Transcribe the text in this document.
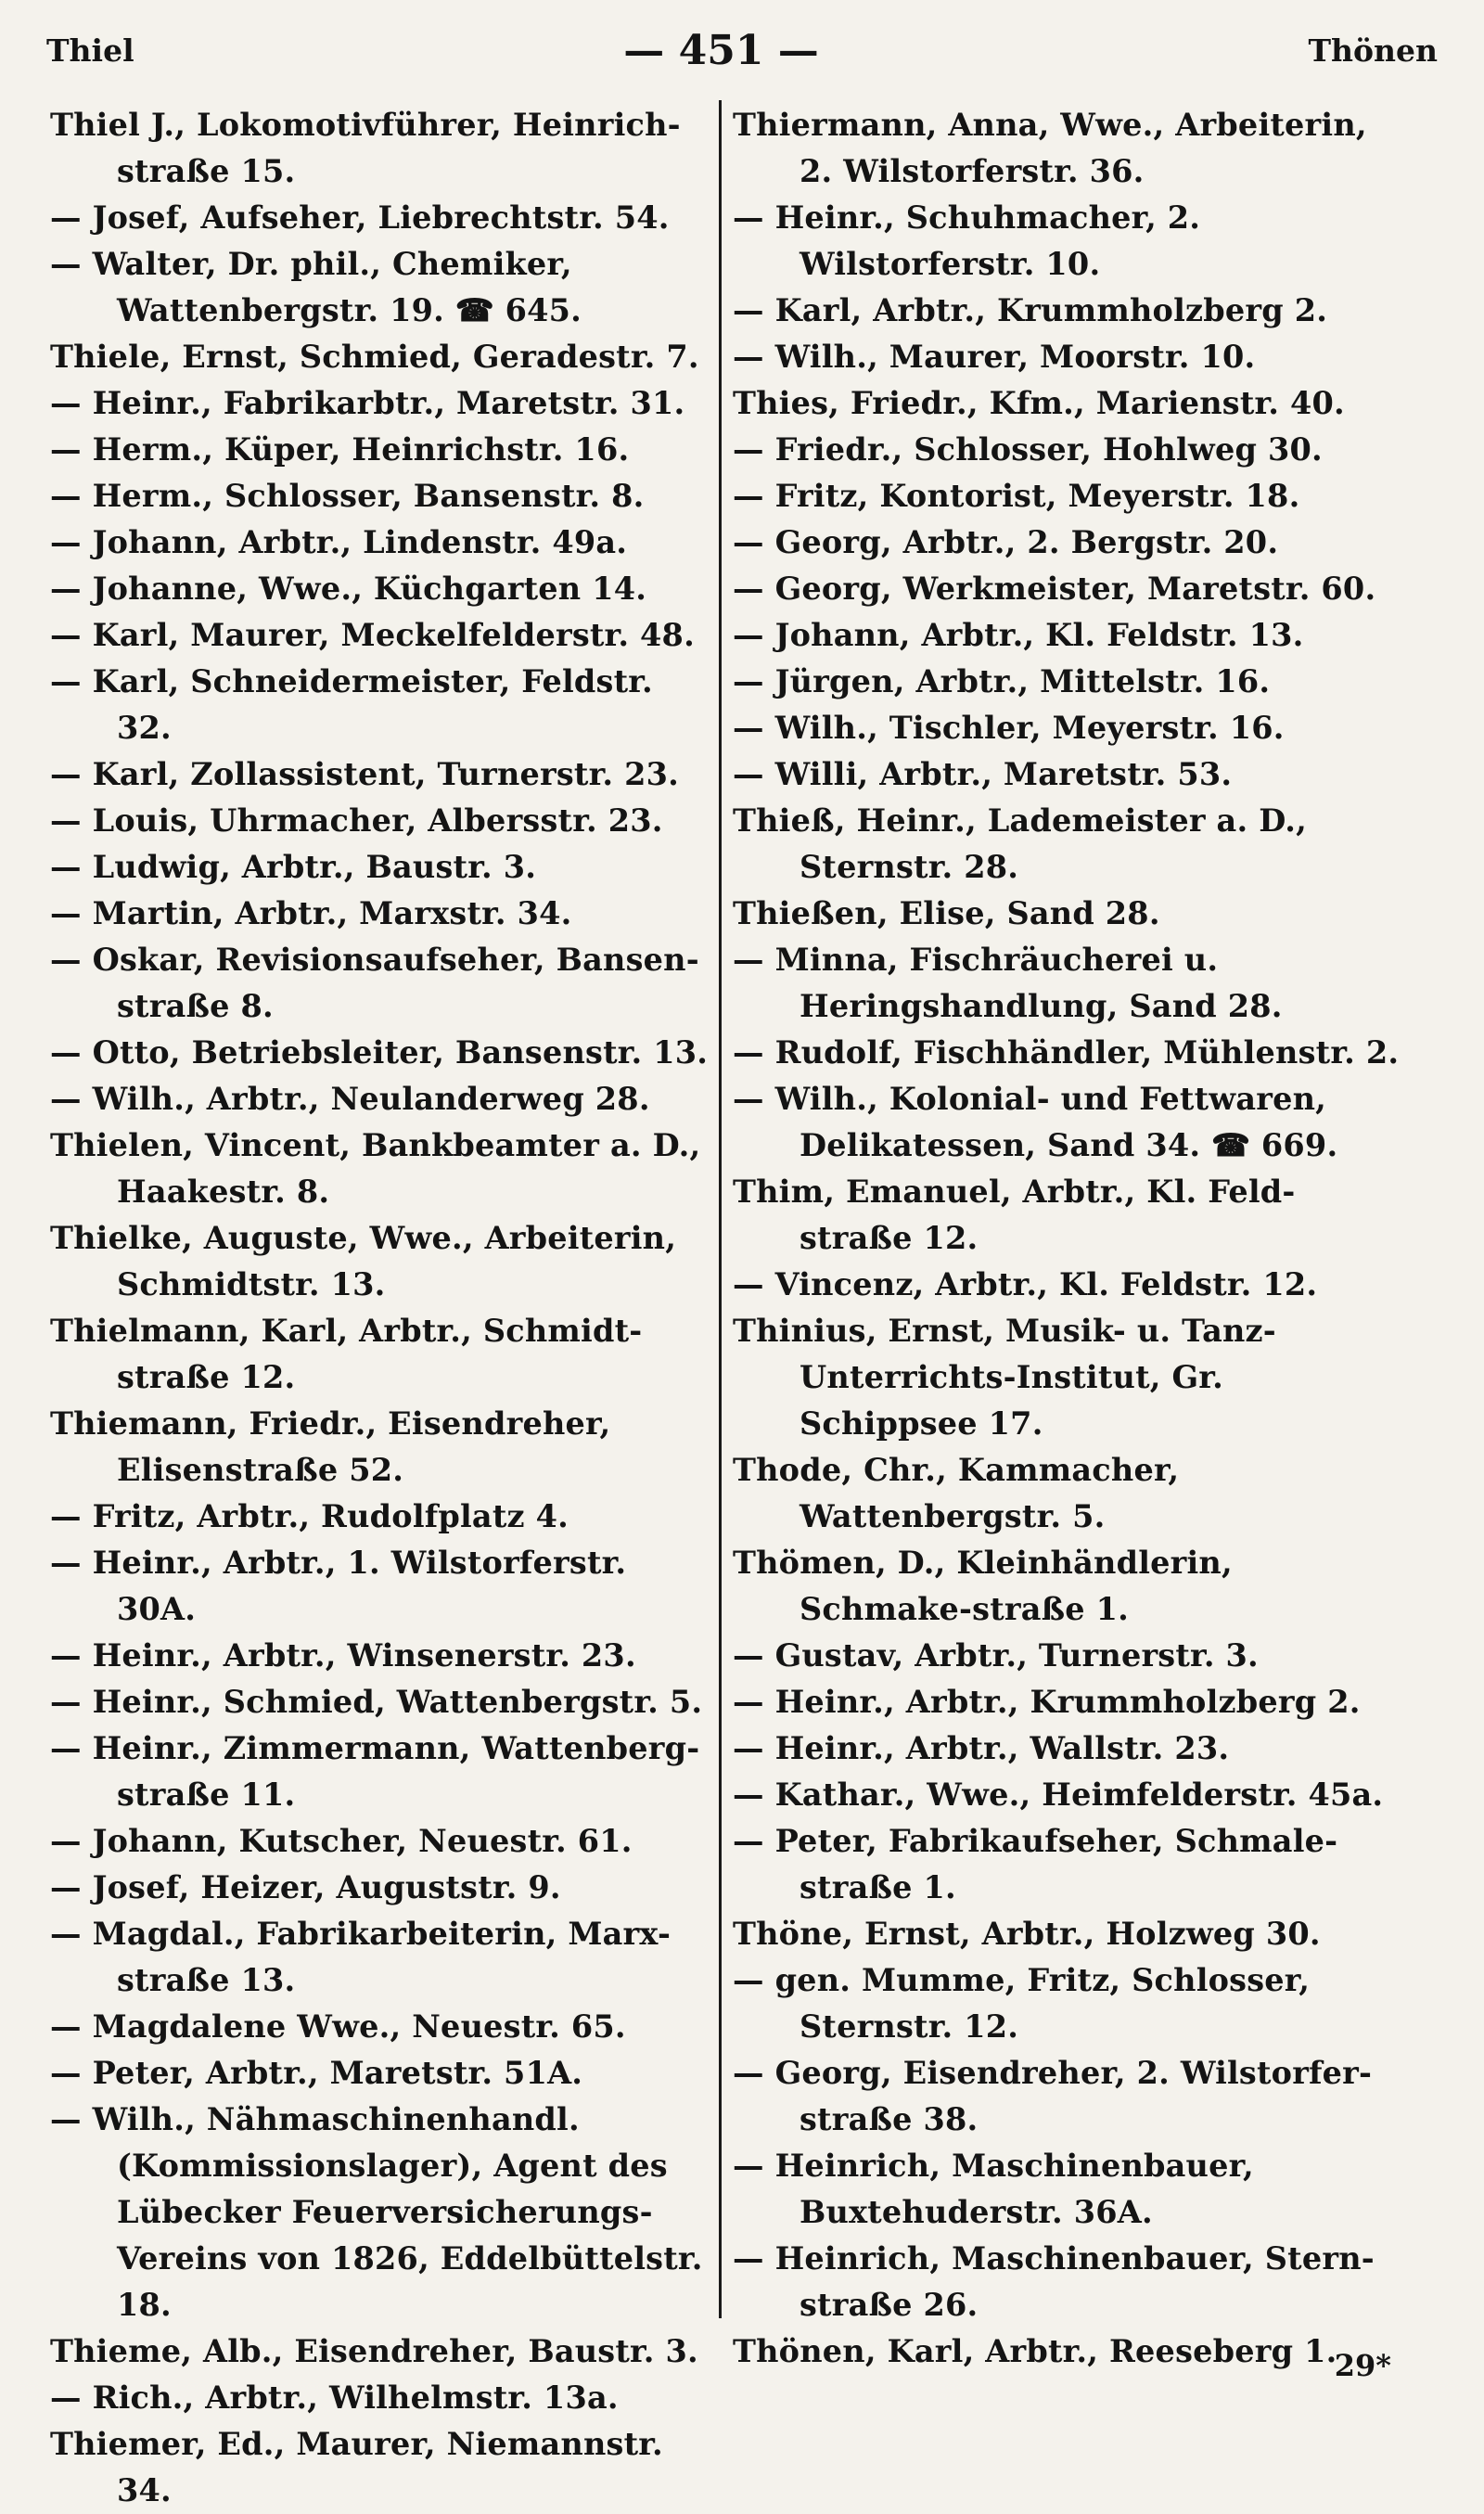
Thiel	— 451 —	Thönen

Thiel J., Lokomotivführer, Heinrich-straße 15.

— Josef, Aufseher, Liebrechtstr. 54.

— Walter, Dr. phil., Chemiker, Wattenbergstr. 19. ☎ 645.

Thiele, Ernst, Schmied, Geradestr. 7.

— Heinr., Fabrikarbtr., Maretstr. 31.

— Herm., Küper, Heinrichstr. 16.

— Herm., Schlosser, Bansenstr. 8.

— Johann, Arbtr., Lindenstr. 49a.

— Johanne, Wwe., Küchgarten 14.

— Karl, Maurer, Meckelfelderstr. 48.

— Karl, Schneidermeister, Feldstr. 32.

— Karl, Zollassistent, Turnerstr. 23.

— Louis, Uhrmacher, Albersstr. 23.

— Ludwig, Arbtr., Baustr. 3.

— Martin, Arbtr., Marxstr. 34.

— Oskar, Revisionsaufseher, Bansen-straße 8.

— Otto, Betriebsleiter, Bansenstr. 13.

— Wilh., Arbtr., Neulanderweg 28.

Thielen, Vincent, Bankbeamter a. D., Haakestr. 8.

Thielke, Auguste, Wwe., Arbeiterin, Schmidtstr. 13.

Thielmann, Karl, Arbtr., Schmidt-straße 12.

Thiemann, Friedr., Eisendreher, Elisenstraße 52.

— Fritz, Arbtr., Rudolfplatz 4.

— Heinr., Arbtr., 1. Wilstorferstr. 30A.

— Heinr., Arbtr., Winsenerstr. 23.

— Heinr., Schmied, Wattenbergstr. 5.

— Heinr., Zimmermann, Wattenberg-straße 11.

— Johann, Kutscher, Neuestr. 61.

— Josef, Heizer, Auguststr. 9.

— Magdal., Fabrikarbeiterin, Marx-straße 13.

— Magdalene Wwe., Neuestr. 65.

— Peter, Arbtr., Maretstr. 51A.

— Wilh., Nähmaschinenhandl. (Kommissionslager), Agent des Lübecker Feuerversicherungs-Vereins von 1826, Eddelbüttelstr. 18.

Thieme, Alb., Eisendreher, Baustr. 3.

— Rich., Arbtr., Wilhelmstr. 13a.

Thiemer, Ed., Maurer, Niemannstr. 34.

Thiermann, Anna, Wwe., Arbeiterin, 2. Wilstorferstr. 36.

— Heinr., Schuhmacher, 2. Wilstorferstr. 10.

— Karl, Arbtr., Krummholzberg 2.

— Wilh., Maurer, Moorstr. 10.

Thies, Friedr., Kfm., Marienstr. 40.

— Friedr., Schlosser, Hohlweg 30.

— Fritz, Kontorist, Meyerstr. 18.

— Georg, Arbtr., 2. Bergstr. 20.

— Georg, Werkmeister, Maretstr. 60.

— Johann, Arbtr., Kl. Feldstr. 13.

— Jürgen, Arbtr., Mittelstr. 16.

— Wilh., Tischler, Meyerstr. 16.

— Willi, Arbtr., Maretstr. 53.

Thieß, Heinr., Lademeister a. D., Sternstr. 28.

Thießen, Elise, Sand 28.

— Minna, Fischräucherei u. Heringshandlung, Sand 28.

— Rudolf, Fischhändler, Mühlenstr. 2.

— Wilh., Kolonial- und Fettwaren, Delikatessen, Sand 34. ☎ 669.

Thim, Emanuel, Arbtr., Kl. Feld-straße 12.

— Vincenz, Arbtr., Kl. Feldstr. 12.

Thinius, Ernst, Musik- u. Tanz-Unterrichts-Institut, Gr. Schippsee 17.

Thode, Chr., Kammacher, Wattenbergstr. 5.

Thömen, D., Kleinhändlerin, Schmake-straße 1.

— Gustav, Arbtr., Turnerstr. 3.

— Heinr., Arbtr., Krummholzberg 2.

— Heinr., Arbtr., Wallstr. 23.

— Kathar., Wwe., Heimfelderstr. 45a.

— Peter, Fabrikaufseher, Schmale-straße 1.

Thöne, Ernst, Arbtr., Holzweg 30.

— gen. Mumme, Fritz, Schlosser, Sternstr. 12.

— Georg, Eisendreher, 2. Wilstorfer-straße 38.

— Heinrich, Maschinenbauer, Buxtehuderstr. 36A.

— Heinrich, Maschinenbauer, Stern-straße 26.

Thönen, Karl, Arbtr., Reeseberg 1.

29*
